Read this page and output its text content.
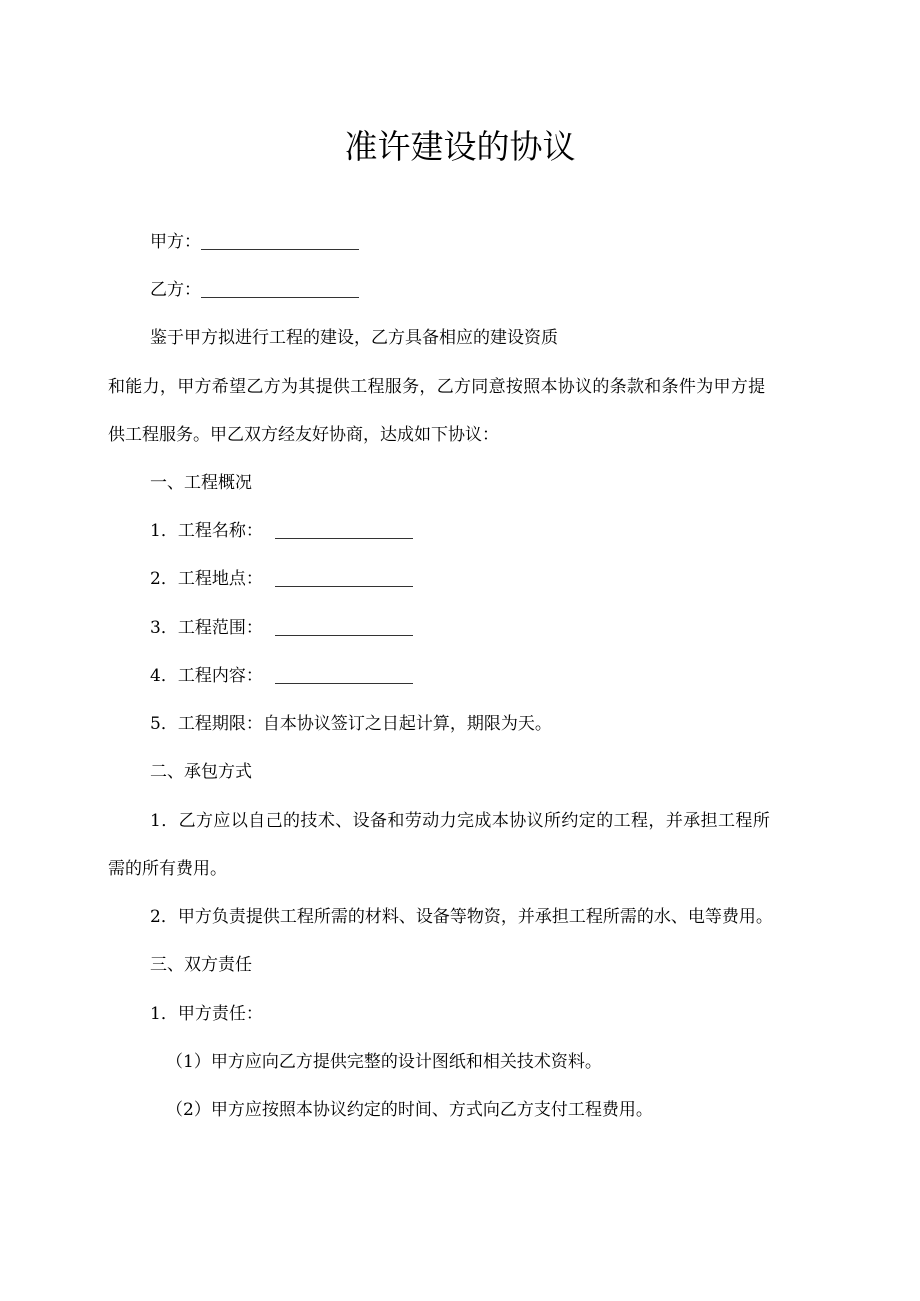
准许建设的协议
甲方：
乙方：
鉴于甲方拟进行工程的建设，乙方具备相应的建设资质
和能力，甲方希望乙方为其提供工程服务，乙方同意按照本协议的条款和条件为甲方提
供工程服务。甲乙双方经友好协商，达成如下协议：
一、工程概况
1．工程名称：
2．工程地点：
3．工程范围：
4．工程内容：
5．工程期限：自本协议签订之日起计算，期限为天。
二、承包方式
1．乙方应以自己的技术、设备和劳动力完成本协议所约定的工程，并承担工程所
需的所有费用。
2．甲方负责提供工程所需的材料、设备等物资，并承担工程所需的水、电等费用。
三、双方责任
1．甲方责任：
（1）甲方应向乙方提供完整的设计图纸和相关技术资料。
（2）甲方应按照本协议约定的时间、方式向乙方支付工程费用。
